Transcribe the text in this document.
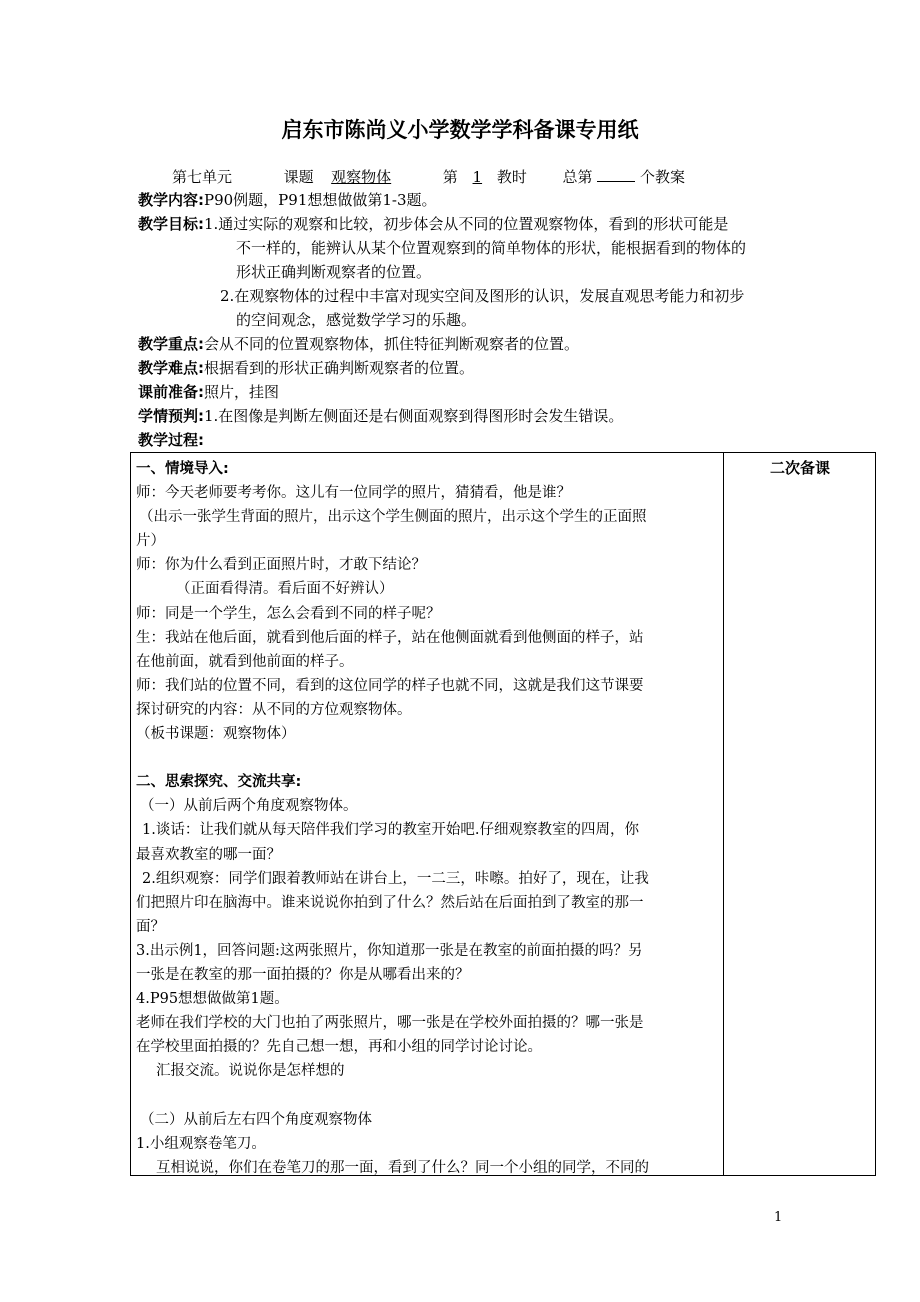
启东市陈尚义小学数学学科备课专用纸
第七单元	课题 观察物体	第 1 教时 总第	个教案
教学内容:P90例题，P91想想做做第1-3题。
教学目标:1.通过实际的观察和比较，初步体会从不同的位置观察物体，看到的形状可能是
不一样的，能辨认从某个位置观察到的简单物体的形状，能根据看到的物体的
形状正确判断观察者的位置。
2.在观察物体的过程中丰富对现实空间及图形的认识，发展直观思考能力和初步
的空间观念，感觉数学学习的乐趣。
教学重点:会从不同的位置观察物体，抓住特征判断观察者的位置。
教学难点:根据看到的形状正确判断观察者的位置。
课前准备:照片，挂图
学情预判:1.在图像是判断左侧面还是右侧面观察到得图形时会发生错误。
教学过程:
二次备课
一、情境导入:
师：今天老师要考考你。这儿有一位同学的照片，猜猜看，他是谁？
（出示一张学生背面的照片，出示这个学生侧面的照片，出示这个学生的正面照
片）
师：你为什么看到正面照片时，才敢下结论？
（正面看得清。看后面不好辨认）
师：同是一个学生，怎么会看到不同的样子呢？
生：我站在他后面，就看到他后面的样子，站在他侧面就看到他侧面的样子，站
在他前面，就看到他前面的样子。
师：我们站的位置不同，看到的这位同学的样子也就不同，这就是我们这节课要
探讨研究的内容：从不同的方位观察物体。
（板书课题：观察物体）
二、思索探究、交流共享:
（一）从前后两个角度观察物体。
1.谈话：让我们就从每天陪伴我们学习的教室开始吧.仔细观察教室的四周，你
最喜欢教室的哪一面？
2.组织观察：同学们跟着教师站在讲台上，一二三，咔嚓。拍好了，现在，让我
们把照片印在脑海中。谁来说说你拍到了什么？然后站在后面拍到了教室的那一
面？
3.出示例1，回答问题:这两张照片，你知道那一张是在教室的前面拍摄的吗？另
一张是在教室的那一面拍摄的？你是从哪看出来的？
4.P95想想做做第1题。
老师在我们学校的大门也拍了两张照片，哪一张是在学校外面拍摄的？哪一张是
在学校里面拍摄的？先自己想一想，再和小组的同学讨论讨论。
汇报交流。说说你是怎样想的
（二）从前后左右四个角度观察物体
1.小组观察卷笔刀。
互相说说，你们在卷笔刀的那一面，看到了什么？同一个小组的同学，不同的
1
